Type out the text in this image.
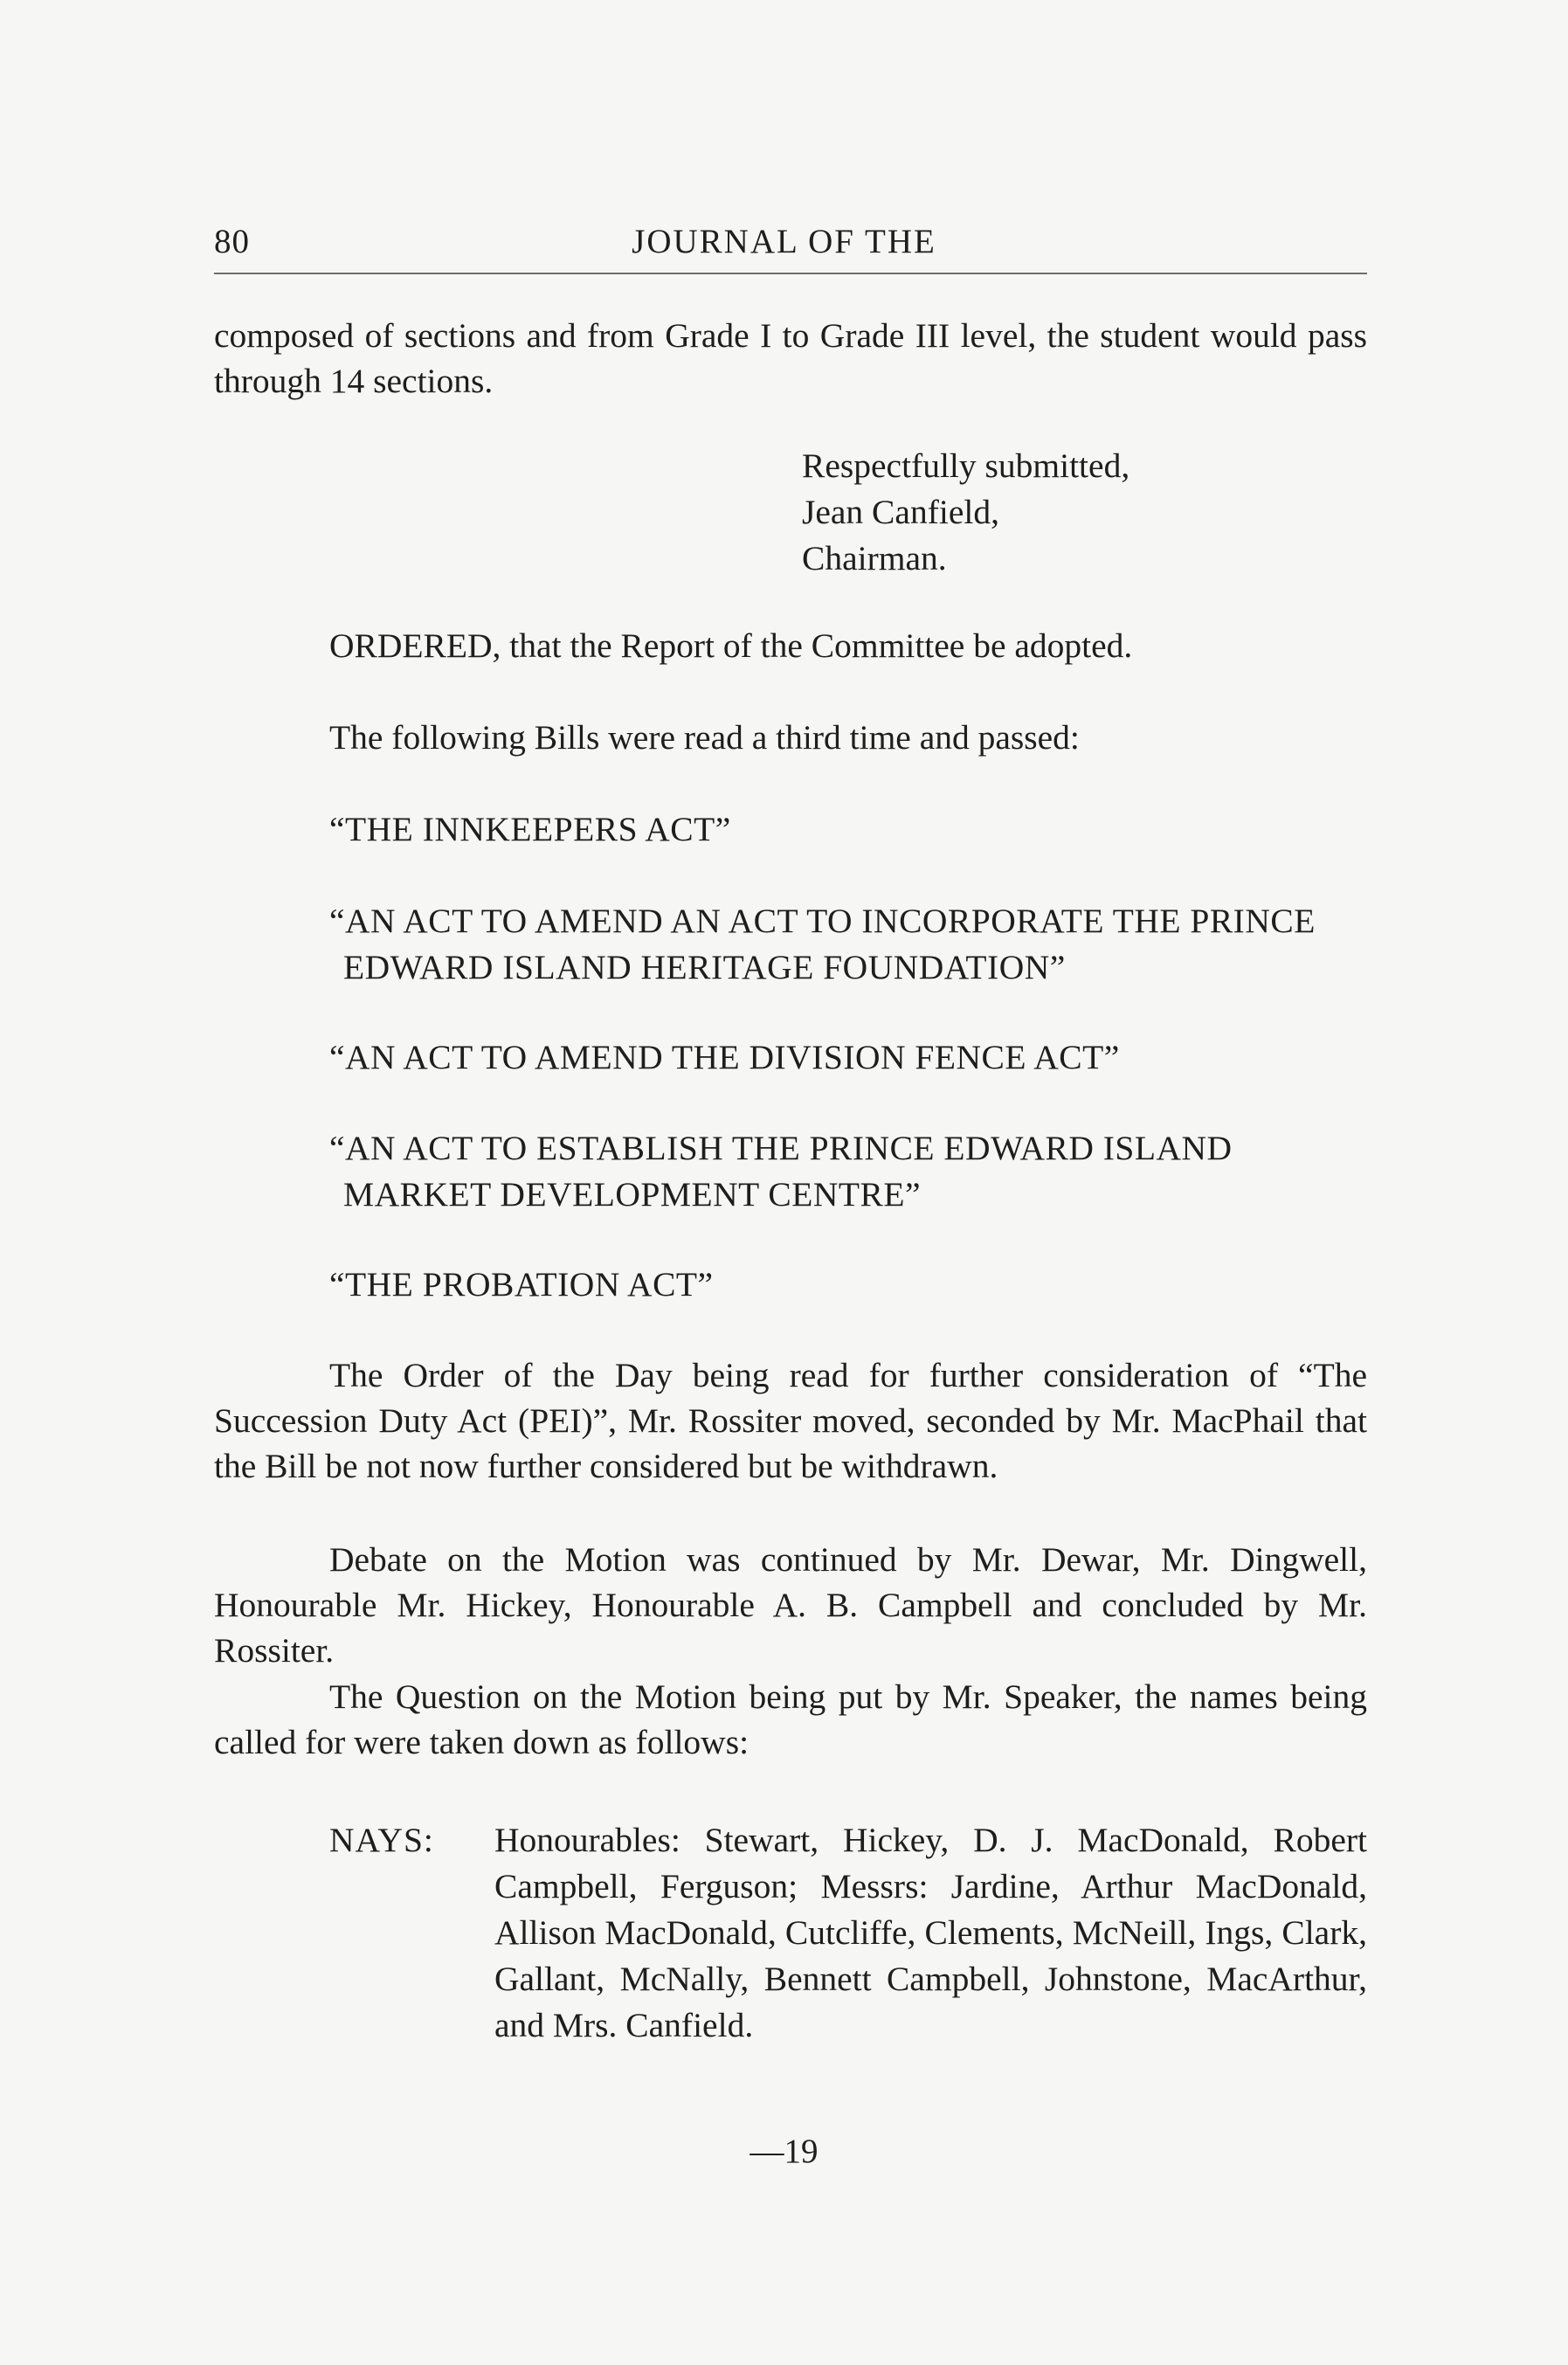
80	JOURNAL OF THE

composed of sections and from Grade I to Grade III level, the student would pass through 14 sections.

Respectfully submitted,

Jean Canfield,

Chairman.

ORDERED, that the Report of the Committee be adopted.

The following Bills were read a third time and passed:

“THE INNKEEPERS ACT”

“AN ACT TO AMEND AN ACT TO INCORPORATE THE PRINCE EDWARD ISLAND HERITAGE FOUNDATION”

“AN ACT TO AMEND THE DIVISION FENCE ACT”

“AN ACT TO ESTABLISH THE PRINCE EDWARD ISLAND MARKET DEVELOPMENT CENTRE”

“THE PROBATION ACT”

The Order of the Day being read for further consideration of “The Succession Duty Act (PEI)”, Mr. Rossiter moved, seconded by Mr. MacPhail that the Bill be not now further considered but be withdrawn.

Debate on the Motion was continued by Mr. Dewar, Mr. Dingwell, Honourable Mr. Hickey, Honourable A. B. Campbell and concluded by Mr. Rossiter.

The Question on the Motion being put by Mr. Speaker, the names being called for were taken down as follows:

NAYS: Honourables: Stewart, Hickey, D. J. MacDonald, Robert Campbell, Ferguson; Messrs: Jardine, Arthur MacDonald, Allison MacDonald, Cutcliffe, Clements, McNeill, Ings, Clark, Gallant, McNally, Bennett Campbell, Johnstone, MacArthur, and Mrs. Canfield.

—19
